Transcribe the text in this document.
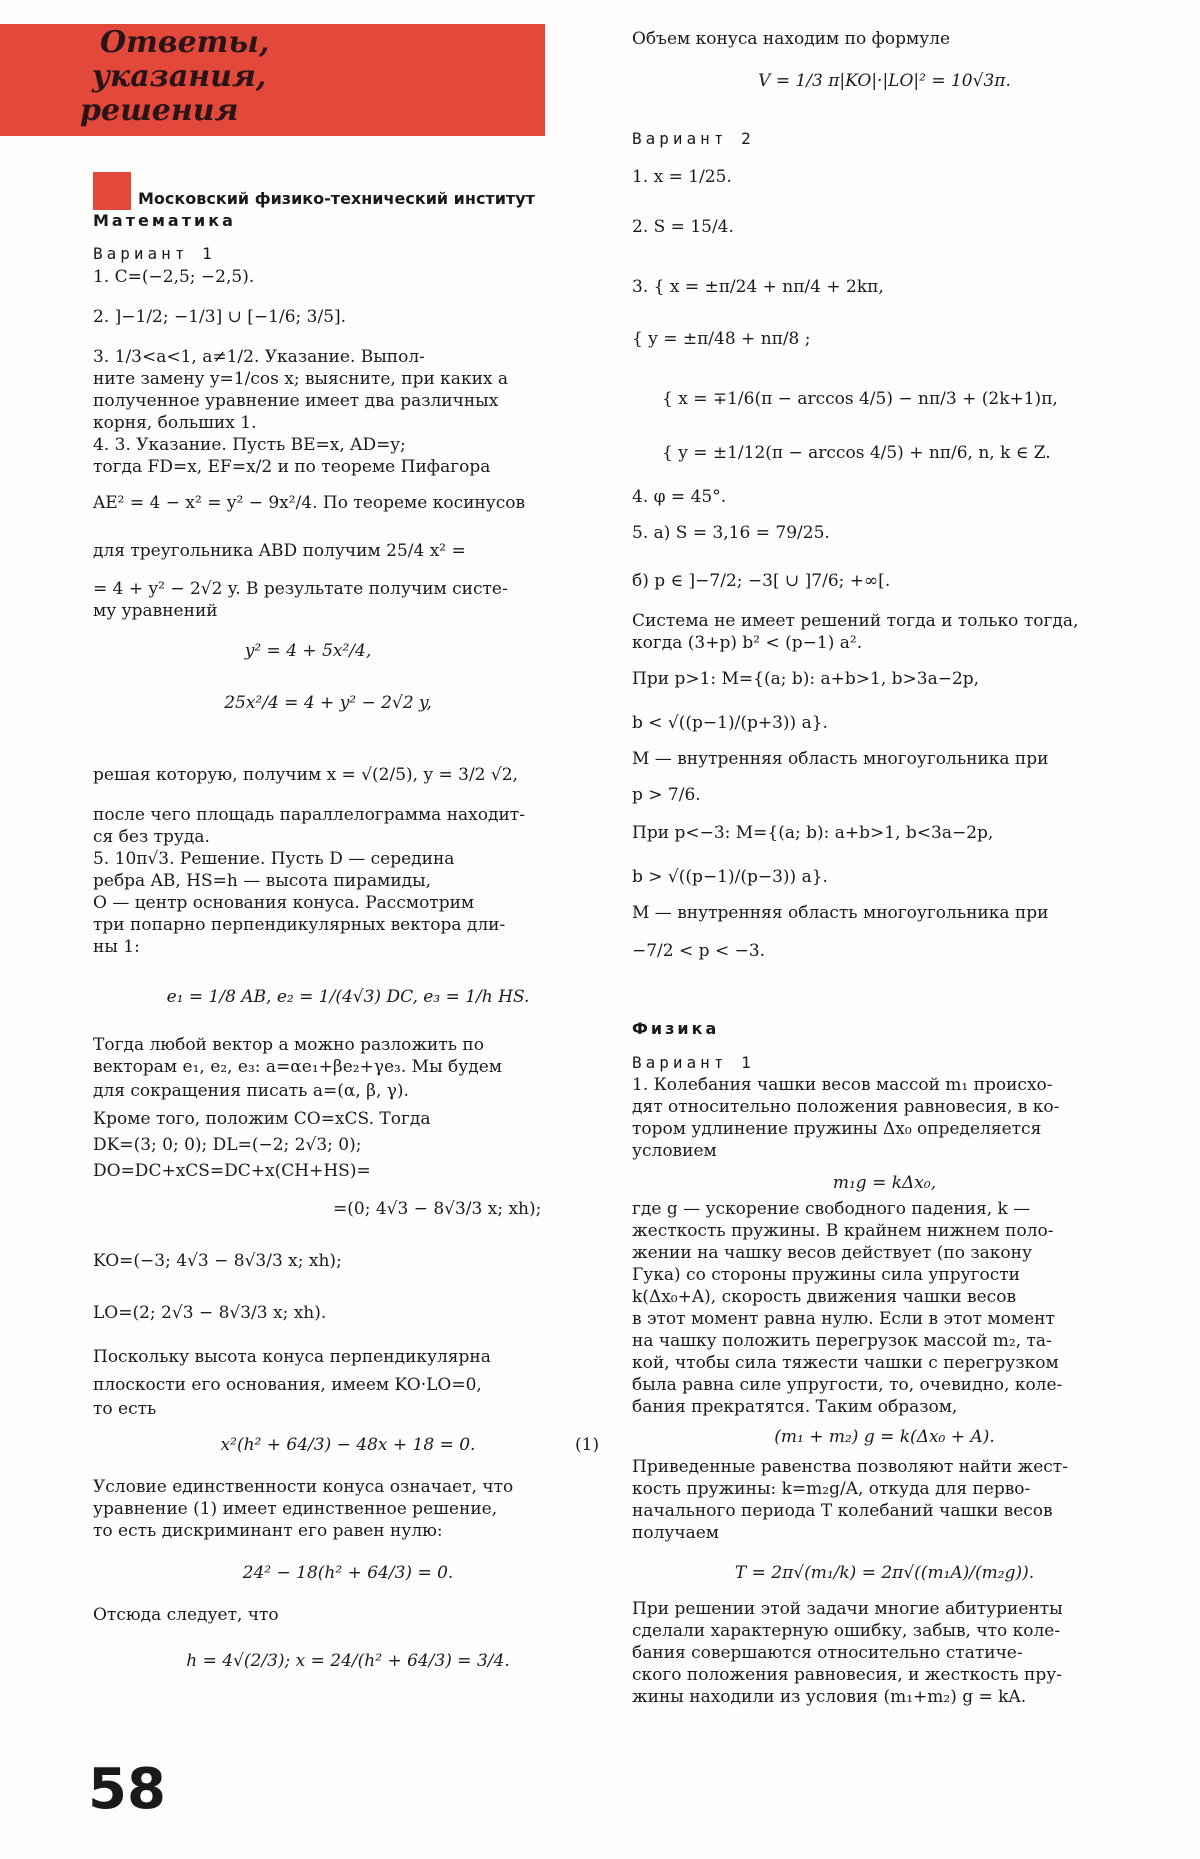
Ответы,
указания,
решения
Московский физико-технический институт
Математика
Вариант 1
1. C=(−2,5; −2,5).
2. ]−1/2; −1/3] ∪ [−1/6; 3/5].
3. 1/3<a<1, a≠1/2. Указание. Выпол-
ните замену y=1/cos x; выясните, при каких a
полученное уравнение имеет два различных
корня, больших 1.
4. 3. Указание. Пусть BE=x, AD=y;
тогда FD=x, EF=x/2 и по теореме Пифагора
AE² = 4 − x² = y² − 9x²/4. По теореме косинусов
для треугольника ABD получим 25/4 x² =
= 4 + y² − 2√2 y. В результате получим систе-
му уравнений
y² = 4 + 5x²/4,
25x²/4 = 4 + y² − 2√2 y,
решая которую, получим x = √(2/5), y = 3/2 √2,
после чего площадь параллелограмма находит-
ся без труда.
5. 10π√3. Решение. Пусть D — середина
ребра AB, HS=h — высота пирамиды,
O — центр основания конуса. Рассмотрим
три попарно перпендикулярных вектора дли-
ны 1:
e₁ = 1/8 AB, e₂ = 1/(4√3) DC, e₃ = 1/h HS.
Тогда любой вектор a можно разложить по
векторам e₁, e₂, e₃: a=αe₁+βe₂+γe₃. Мы будем
для сокращения писать a=(α, β, γ).
Кроме того, положим CO=xCS. Тогда
DK=(3; 0; 0); DL=(−2; 2√3; 0);
DO=DC+xCS=DC+x(CH+HS)=
=(0; 4√3 − 8√3/3 x; xh);
KO=(−3; 4√3 − 8√3/3 x; xh);
LO=(2; 2√3 − 8√3/3 x; xh).
Поскольку высота конуса перпендикулярна
плоскости его основания, имеем KO·LO=0,
то есть
x²(h² + 64/3) − 48x + 18 = 0.	(1)
Условие единственности конуса означает, что
уравнение (1) имеет единственное решение,
то есть дискриминант его равен нулю:
24² − 18(h² + 64/3) = 0.
Отсюда следует, что
h = 4√(2/3); x = 24/(h² + 64/3) = 3/4.
Объем конуса находим по формуле
V = 1/3 π|KO|·|LO|² = 10√3π.
Вариант 2
1. x = 1/25.
2. S = 15/4.
3. { x = ±π/24 + nπ/4 + 2kπ,
{ y = ±π/48 + nπ/8 ;
{ x = ∓1/6(π − arccos 4/5) − nπ/3 + (2k+1)π,
{ y = ±1/12(π − arccos 4/5) + nπ/6, n, k ∈ Z.
4. φ = 45°.
5. а) S = 3,16 = 79/25.
б) p ∈ ]−7/2; −3[ ∪ ]7/6; +∞[.
Система не имеет решений тогда и только тогда,
когда (3+p) b² < (p−1) a².
При p>1: M={(a; b): a+b>1, b>3a−2p,
b < √((p−1)/(p+3)) a}.
M — внутренняя область многоугольника при
p > 7/6.
При p<−3: M={(a; b): a+b>1, b<3a−2p,
b > √((p−1)/(p−3)) a}.
M — внутренняя область многоугольника при
−7/2 < p < −3.
Физика
Вариант 1
1. Колебания чашки весов массой m₁ происхо-
дят относительно положения равновесия, в ко-
тором удлинение пружины Δx₀ определяется
условием
m₁g = kΔx₀,
где g — ускорение свободного падения, k —
жесткость пружины. В крайнем нижнем поло-
жении на чашку весов действует (по закону
Гука) со стороны пружины сила упругости
k(Δx₀+A), скорость движения чашки весов
в этот момент равна нулю. Если в этот момент
на чашку положить перегрузок массой m₂, та-
кой, чтобы сила тяжести чашки с перегрузком
была равна силе упругости, то, очевидно, коле-
бания прекратятся. Таким образом,
(m₁ + m₂) g = k(Δx₀ + A).
Приведенные равенства позволяют найти жест-
кость пружины: k=m₂g/A, откуда для перво-
начального периода T колебаний чашки весов
получаем
T = 2π√(m₁/k) = 2π√((m₁A)/(m₂g)).
При решении этой задачи многие абитуриенты
сделали характерную ошибку, забыв, что коле-
бания совершаются относительно статиче-
ского положения равновесия, и жесткость пру-
жины находили из условия (m₁+m₂) g = kA.
58
